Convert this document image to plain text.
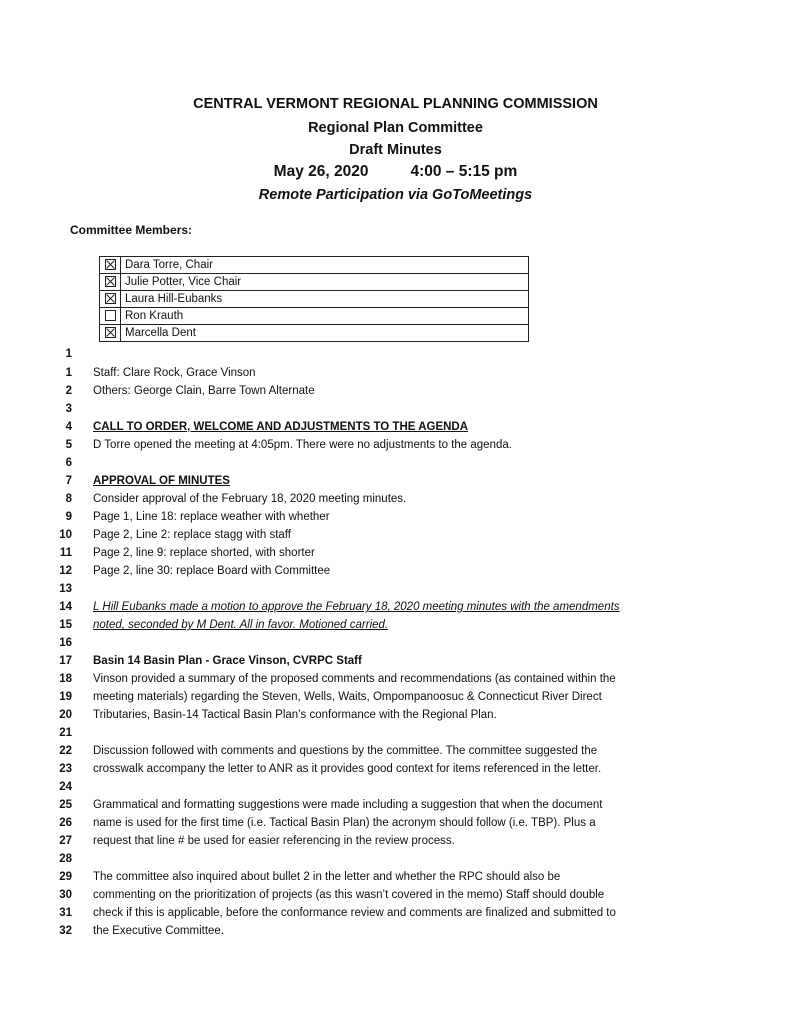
CENTRAL VERMONT REGIONAL PLANNING COMMISSION
Regional Plan Committee
Draft Minutes
May 26, 2020	4:00 – 5:15 pm
Remote Participation via GoToMeetings
Committee Members:
	Dara Torre, Chair
	Julie Potter, Vice Chair
	Laura Hill-Eubanks
	Ron Krauth
	Marcella Dent
1
1 Staff: Clare Rock, Grace Vinson
2 Others: George Clain, Barre Town Alternate
3
4 CALL TO ORDER, WELCOME AND ADJUSTMENTS TO THE AGENDA
5 D Torre opened the meeting at 4:05pm. There were no adjustments to the agenda.
6
7 APPROVAL OF MINUTES
8 Consider approval of the February 18, 2020 meeting minutes.
9 Page 1, Line 18: replace weather with whether
10 Page 2, Line 2: replace stagg with staff
11 Page 2, line 9: replace shorted, with shorter
12 Page 2, line 30: replace Board with Committee
13
14 L Hill Eubanks made a motion to approve the February 18, 2020 meeting minutes with the amendments
15 noted, seconded by M Dent. All in favor. Motioned carried.
16
17 Basin 14 Basin Plan - Grace Vinson, CVRPC Staff
18 Vinson provided a summary of the proposed comments and recommendations (as contained within the
19 meeting materials) regarding the Steven, Wells, Waits, Ompompanoosuc & Connecticut River Direct
20 Tributaries, Basin-14 Tactical Basin Plan’s conformance with the Regional Plan.
21
22 Discussion followed with comments and questions by the committee. The committee suggested the
23 crosswalk accompany the letter to ANR as it provides good context for items referenced in the letter.
24
25 Grammatical and formatting suggestions were made including a suggestion that when the document
26 name is used for the first time (i.e. Tactical Basin Plan) the acronym should follow (i.e. TBP). Plus a
27 request that line # be used for easier referencing in the review process.
28
29 The committee also inquired about bullet 2 in the letter and whether the RPC should also be
30 commenting on the prioritization of projects (as this wasn’t covered in the memo) Staff should double
31 check if this is applicable, before the conformance review and comments are finalized and submitted to
32 the Executive Committee.
